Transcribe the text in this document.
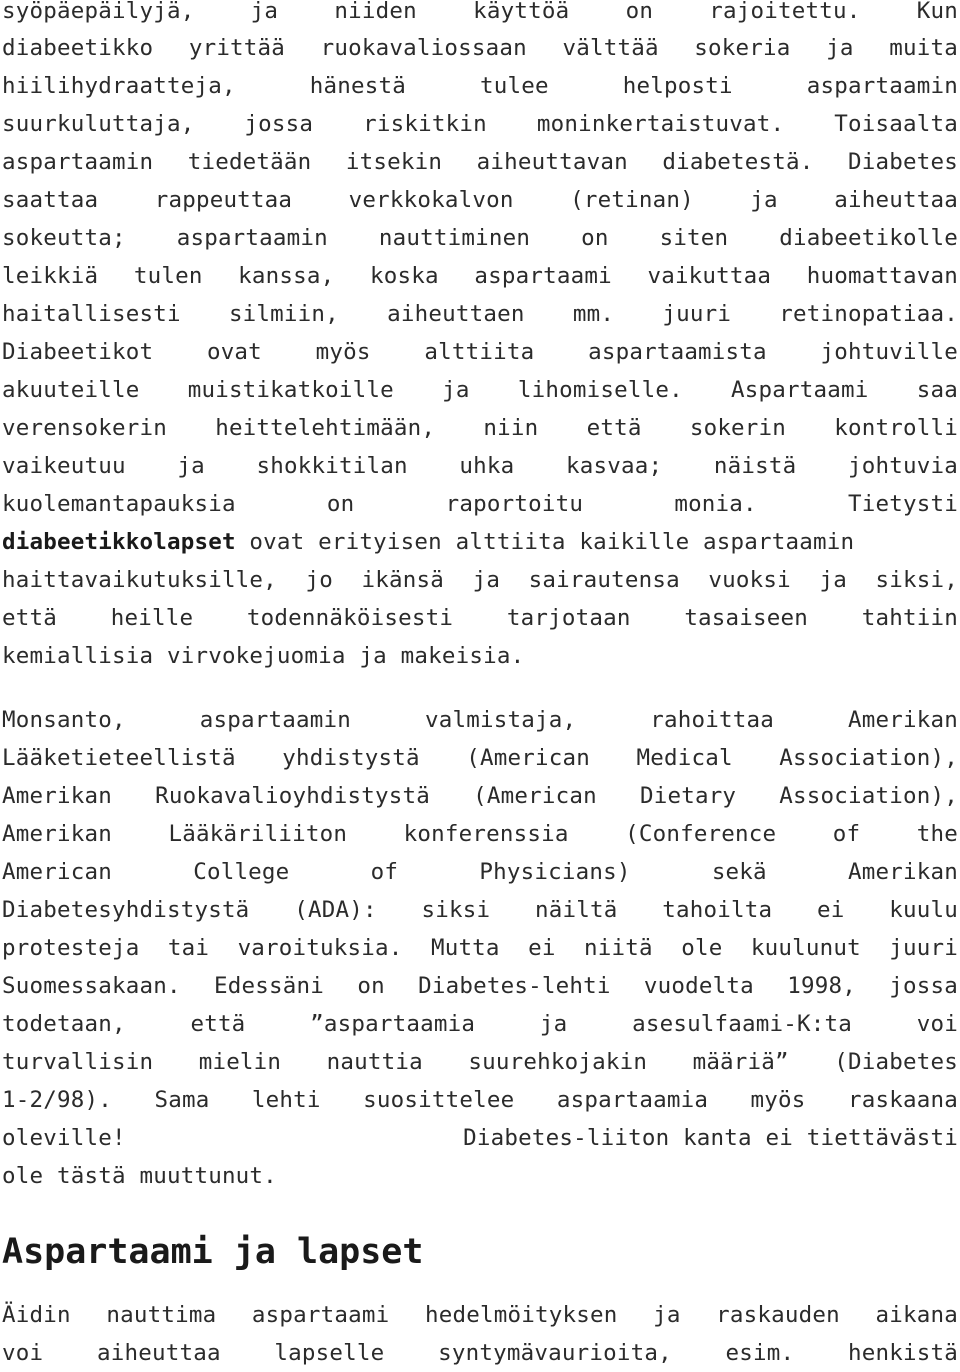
syöpäepäilyjä, ja niiden käyttöä on rajoitettu. Kun
diabeetikko yrittää ruokavaliossaan välttää sokeria ja muita
hiilihydraatteja, hänestä tulee helposti aspartaamin
suurkuluttaja, jossa riskitkin moninkertaistuvat. Toisaalta
aspartaamin tiedetään itsekin aiheuttavan diabetestä. Diabetes
saattaa rappeuttaa verkkokalvon (retinan) ja aiheuttaa
sokeutta; aspartaamin nauttiminen on siten diabeetikolle
leikkiä tulen kanssa, koska aspartaami vaikuttaa huomattavan
haitallisesti silmiin, aiheuttaen mm. juuri retinopatiaa.
Diabeetikot ovat myös alttiita aspartaamista johtuville
akuuteille muistikatkoille ja lihomiselle. Aspartaami saa
verensokerin heittelehtimään, niin että sokerin kontrolli
vaikeutuu ja shokkitilan uhka kasvaa; näistä johtuvia
kuolemantapauksia on raportoitu monia. Tietysti
diabeetikkolapset ovat erityisen alttiita kaikille aspartaamin
haittavaikutuksille, jo ikänsä ja sairautensa vuoksi ja siksi,
että heille todennäköisesti tarjotaan tasaiseen tahtiin
kemiallisia virvokejuomia ja makeisia.
Monsanto, aspartaamin valmistaja, rahoittaa Amerikan
Lääketieteellistä yhdistystä (American Medical Association),
Amerikan Ruokavalioyhdistystä (American Dietary Association),
Amerikan Lääkäriliiton konferenssia (Conference of the
American College of Physicians) sekä Amerikan
Diabetesyhdistystä (ADA): siksi näiltä tahoilta ei kuulu
protesteja tai varoituksia. Mutta ei niitä ole kuulunut juuri
Suomessakaan. Edessäni on Diabetes-lehti vuodelta 1998, jossa
todetaan, että ”aspartaamia ja asesulfaami-K:ta voi
turvallisin mielin nauttia suurehkojakin määriä” (Diabetes
1-2/98). Sama lehti suosittelee aspartaamia myös raskaana
oleville!	Diabetes-liiton kanta ei tiettävästi
ole tästä muuttunut.
Aspartaami ja lapset
Äidin nauttima aspartaami hedelmöityksen ja raskauden aikana
voi aiheuttaa lapselle syntymävaurioita, esim. henkistä
